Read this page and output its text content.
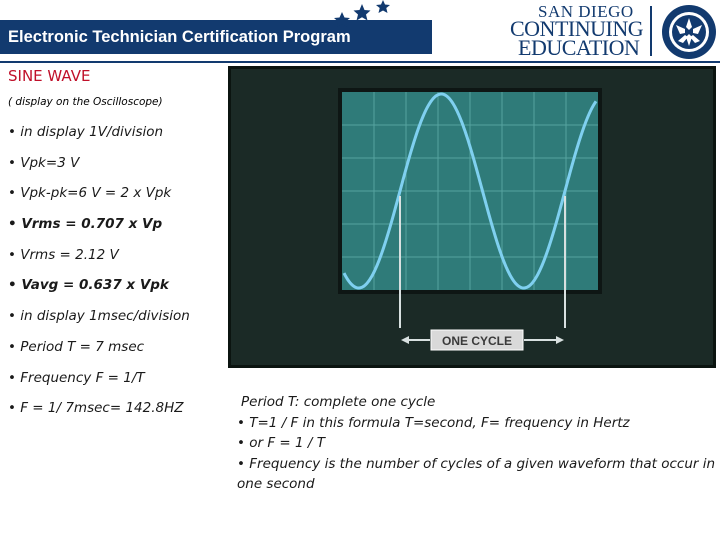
Electronic Technician Certification Program
SAN DIEGO
CONTINUING
EDUCATION
SINE WAVE
( display on the Oscilloscope)
• in display 1V/division
• Vpk=3 V
• Vpk-pk=6 V = 2 x Vpk
• Vrms = 0.707 x Vp
• Vrms = 2.12 V
• Vavg = 0.637 x Vpk
• in display 1msec/division
• Period T = 7 msec
• Frequency F = 1/T
• F = 1/ 7msec= 142.8HZ
ONE CYCLE
Period T: complete one cycle
• T=1 / F in this formula T=second, F= frequency in Hertz
• or F = 1 / T
• Frequency is the number of cycles of a given waveform that occur in one second
